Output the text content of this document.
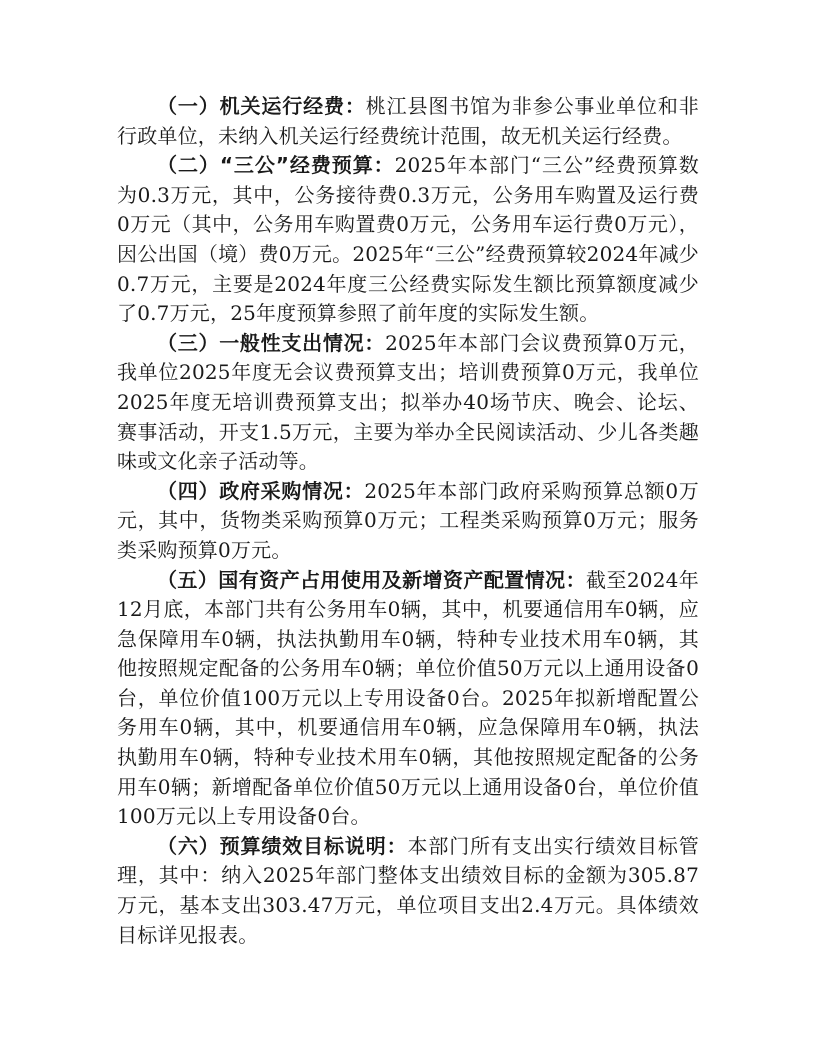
（一）机关运行经费：桃江县图书馆为非参公事业单位和非行政单位，未纳入机关运行经费统计范围，故无机关运行经费。

（二）“三公”经费预算：2025年本部门“三公”经费预算数为0.3万元，其中，公务接待费0.3万元，公务用车购置及运行费0万元（其中，公务用车购置费0万元，公务用车运行费0万元），因公出国（境）费0万元。2025年“三公”经费预算较2024年减少0.7万元，主要是2024年度三公经费实际发生额比预算额度减少了0.7万元，25年度预算参照了前年度的实际发生额。

（三）一般性支出情况：2025年本部门会议费预算0万元，我单位2025年度无会议费预算支出；培训费预算0万元，我单位2025年度无培训费预算支出；拟举办40场节庆、晚会、论坛、赛事活动，开支1.5万元，主要为举办全民阅读活动、少儿各类趣味或文化亲子活动等。

（四）政府采购情况：2025年本部门政府采购预算总额0万元，其中，货物类采购预算0万元；工程类采购预算0万元；服务类采购预算0万元。

（五）国有资产占用使用及新增资产配置情况：截至2024年12月底，本部门共有公务用车0辆，其中，机要通信用车0辆，应急保障用车0辆，执法执勤用车0辆，特种专业技术用车0辆，其他按照规定配备的公务用车0辆；单位价值50万元以上通用设备0台，单位价值100万元以上专用设备0台。2025年拟新增配置公务用车0辆，其中，机要通信用车0辆，应急保障用车0辆，执法执勤用车0辆，特种专业技术用车0辆，其他按照规定配备的公务用车0辆；新增配备单位价值50万元以上通用设备0台，单位价值100万元以上专用设备0台。

（六）预算绩效目标说明：本部门所有支出实行绩效目标管理，其中：纳入2025年部门整体支出绩效目标的金额为305.87万元，基本支出303.47万元，单位项目支出2.4万元。具体绩效目标详见报表。
